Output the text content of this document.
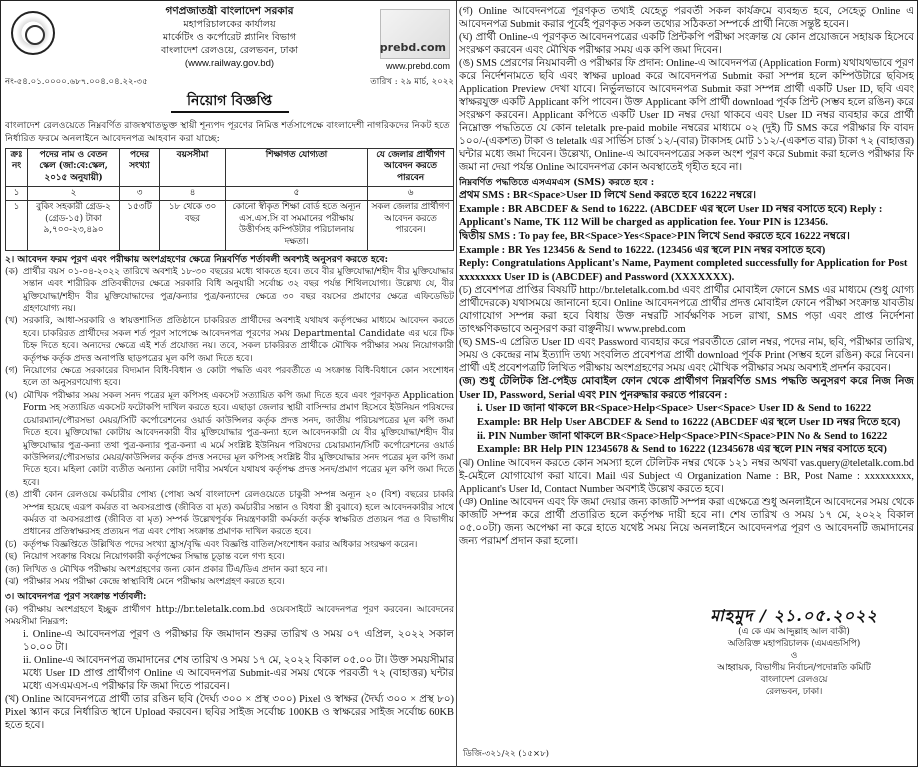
গণপ্রজাতন্ত্রী বাংলাদেশ সরকার
মহাপরিচালকের কার্যালয়
মার্কেটিং ও কর্পোরেট প্ল্যানিং বিভাগ
বাংলাদেশ রেলওয়ে, রেলভবন, ঢাকা
(www.railway.gov.bd)
prebd.com
www.prebd.com
নং-৫৪.০১.০০০০.৬৮৭.০০৪.০৪.২২-৩৫	তারিখ : ২৯ মার্চ, ২০২২
নিয়োগ বিজ্ঞপ্তি
বাংলাদেশ রেলওয়েতে নিম্নবর্ণিত রাজস্বখাতভুক্ত স্থায়ী শূন্যপদ পূরণের নিমিত্ত শর্তসাপেক্ষে বাংলাদেশী নাগরিকদের নিকট হতে নির্ধারিত ফরমে অনলাইনে আবেদনপত্র আহবান করা যাচ্ছে:
ক্রঃ নং	পদের নাম ও বেতন স্কেল (জা:বে:স্কেল, ২০১৫ অনুযায়ী)	পদের সংখ্যা	বয়সসীমা	শিক্ষাগত যোগ্যতা	যে জেলার প্রার্থীগণ আবেদন করতে পারবেন
১	২	৩	৪	৫	৬
১	বুকিং সহকারী গ্রেড-২ (গ্রেড-১৫) টাকা ৯,৭০০-২৩,৪৯০	১৫৩টি	১৮ থেকে ৩০ বছর	কোনো স্বীকৃত শিক্ষা বোর্ড হতে অন্যূন এস.এস.সি বা সমমানের পরীক্ষায় উত্তীর্ণসহ কম্পিউটার পরিচালনায় দক্ষতা।	সকল জেলার প্রার্থীগণ আবেদন করতে পারবেন।
২। আবেদন ফরম পূরণ এবং পরীক্ষায় অংশগ্রহণের ক্ষেত্রে নিম্নবর্ণিত শর্তাবলী অবশ্যই অনুসরণ করতে হবে:
(ক) প্রার্থীর বয়স ০১-০৪-২০২২ তারিখে অবশ্যই ১৮-৩০ বছরের মধ্যে থাকতে হবে। তবে বীর মুক্তিযোদ্ধা/শহীদ বীর মুক্তিযোদ্ধার সন্তান এবং শারীরিক প্রতিবন্ধীদের ক্ষেত্রে সরকারি বিধি অনুযায়ী সর্বোচ্চ ৩২ বছর পর্যন্ত শিথিলযোগ্য। উল্লেখ্য যে, বীর মুক্তিযোদ্ধা/শহীদ বীর মুক্তিযোদ্ধাদের পুত্র/কন্যার পুত্র/কন্যাদের ক্ষেত্রে ৩০ বছর বয়সের প্রমাণের ক্ষেত্রে এফিডেভিট গ্রহণযোগ্য নয়।
(খ) সরকারি, আধা-সরকারি ও স্বায়ত্তশাসিত প্রতিষ্ঠানে চাকরিরত প্রার্থীদের অবশ্যই যথাযথ কর্তৃপক্ষের মাধ্যমে আবেদন করতে হবে। চাকরিরত প্রার্থীদের সকল শর্ত পূরণ সাপেক্ষে আবেদনপত্র পূরণের সময় Departmental Candidate এর ঘরে টিক চিহ্ন দিতে হবে। অন্যদের ক্ষেত্রে এই শর্ত প্রযোজ্য নয়। তবে, সকল চাকরিরত প্রার্থীকে মৌখিক পরীক্ষার সময় নিয়োগকারী কর্তৃপক্ষ কর্তৃক প্রদত্ত অনাপত্তি ছাড়পত্রের মূল কপি জমা দিতে হবে।
(গ) নিয়োগের ক্ষেত্রে সরকারের বিদ্যমান বিধি-বিধান ও কোটা পদ্ধতি এবং পরবর্তীতে এ সংক্রান্ত বিধি-বিধানে কোন সংশোধন হলে তা অনুসরণযোগ্য হবে।
(ঘ) মৌখিক পরীক্ষার সময় সকল সনদ পত্রের মূল কপিসহ একসেট সত্যায়িত কপি জমা দিতে হবে এবং পূরণকৃত Application Form সহ সত্যায়িত একসেট ফটোকপি দাখিল করতে হবে। এছাড়া জেলার স্থায়ী বাসিন্দার প্রমাণ হিসেবে ইউনিয়ন পরিষদের চেয়ারম্যান/পৌরসভা মেয়র/সিটি কর্পোরেশনের ওয়ার্ড কাউন্সিলর কর্তৃক প্রদত্ত সনদ, জাতীয় পরিচয়পত্রের মূল কপি জমা দিতে হবে। মুক্তিযোদ্ধা কোটায় আবেদনকারী বীর মুক্তিযোদ্ধার পুত্র-কন্যা হলে আবেদনকারী যে বীর মুক্তিযোদ্ধা/শহীদ বীর মুক্তিযোদ্ধার পুত্র-কন্যা তথা পুত্র-কন্যার পুত্র-কন্যা এ মর্মে সংশ্লিষ্ট ইউনিয়ন পরিষদের চেয়ারম্যান/সিটি কর্পোরেশনের ওয়ার্ড কাউন্সিলর/পৌরসভার মেয়র/কাউন্সিলর কর্তৃক প্রদত্ত সনদের মূল কপিসহ সংশ্লিষ্ট বীর মুক্তিযোদ্ধার সনদ পত্রের মূল কপি জমা দিতে হবে। মহিলা কোটা ব্যতীত অন্যান্য কোটা দাবীর সমর্থনে যথাযথ কর্তৃপক্ষ প্রদত্ত সনদ/প্রমাণ পত্রের মূল কপি জমা দিতে হবে।
(ঙ) প্রার্থী কোন রেলওয়ে কর্মচারীর পোষ্য (পোষ্য অর্থ বাংলাদেশ রেলওয়েতে চাকুরী সম্পন্ন অন্যূন ২০ (বিশ) বছরের চাকরি সম্পন্ন হয়েছে এরূপ কর্মরত বা অবসরপ্রাপ্ত (জীবিত বা মৃত) কর্মচারীর সন্তান ও বিধবা স্ত্রী বুঝাবে) হলে আবেদনকারীর সাথে কর্মরত বা অবসরপ্রাপ্ত (জীবিত বা মৃত) সম্পর্ক উল্লেখপূর্বক নিয়ন্ত্রণকারী কর্মকর্তা কর্তৃক স্বাক্ষরিত প্রত্যয়ন পত্র ও বিভাগীয় প্রধানের প্রতিস্বাক্ষরসহ প্রত্যয়ন পত্র এবং পোষ্য সংক্রান্ত প্রমাণক দাখিল করতে হবে।
(চ) কর্তৃপক্ষ বিজ্ঞপ্তিতে উল্লিখিত পদের সংখ্যা হ্রাস/বৃদ্ধি এবং বিজ্ঞপ্তি বাতিল/সংশোধন করার অধিকার সংরক্ষণ করেন।
(ছ) নিয়োগ সংক্রান্ত বিষয়ে নিয়োগকারী কর্তৃপক্ষের সিদ্ধান্ত চূড়ান্ত বলে গণ্য হবে।
(জ) লিখিত ও মৌখিক পরীক্ষায় অংশগ্রহণের জন্য কোন প্রকার টিএ/ডিএ প্রদান করা হবে না।
(ঝ) পরীক্ষার সময় পরীক্ষা কেন্দ্রে স্বাস্থ্যবিধি মেনে পরীক্ষায় অংশগ্রহণ করতে হবে।
৩। আবেদনপত্র পূরণ সংক্রান্ত শর্তাবলী:
(ক) পরীক্ষায় অংশগ্রহণে ইচ্ছুক প্রার্থীগণ http://br.teletalk.com.bd ওয়েবসাইটে আবেদনপত্র পূরণ করবেন। আবেদনের সময়সীমা নিম্নরূপ:
i. Online-এ আবেদনপত্র পূরণ ও পরীক্ষার ফি জমাদান শুরুর তারিখ ও সময় ০৭ এপ্রিল, ২০২২ সকাল ১০.০০ টা।
ii. Online-এ আবেদনপত্র জমাদানের শেষ তারিখ ও সময় ১৭ মে, ২০২২ বিকাল ০৫.০০ টা। উক্ত সময়সীমার মধ্যে User ID প্রাপ্ত প্রার্থীগণ Online এ আবেদনপত্র Submit-এর সময় থেকে পরবর্তী ৭২ (বাহাত্তর) ঘন্টার মধ্যে এসএমএস-এ পরীক্ষার ফি জমা দিতে পারবেন।
(খ) Online আবেদনপত্রে প্রার্থী তার রঙিন ছবি (দৈর্ঘ্য ৩০০ × প্রস্থ ৩০০) Pixel ও স্বাক্ষর (দৈর্ঘ্য ৩০০ × প্রস্থ ৮০) Pixel স্ক্যান করে নির্ধারিত স্থানে Upload করবেন। ছবির সাইজ সর্বোচ্চ 100KB ও স্বাক্ষরের সাইজ সর্বোচ্চ 60KB হতে হবে।
(গ) Online আবেদনপত্রে পূরণকৃত তথ্যই যেহেতু পরবর্তী সকল কার্যক্রমে ব্যবহৃত হবে, সেহেতু Online এ আবেদনপত্র Submit করার পূর্বেই পূরণকৃত সকল তথ্যের সঠিকতা সম্পর্কে প্রার্থী নিজে সন্তুষ্ট হবেন।
(ঘ) প্রার্থী Online-এ পূরণকৃত আবেদনপত্রের একটি প্রিন্টকপি পরীক্ষা সংক্রান্ত যে কোন প্রয়োজনে সহায়ক হিসেবে সংরক্ষণ করবেন এবং মৌখিক পরীক্ষার সময় এক কপি জমা দিবেন।
(ঙ) SMS প্রেরণের নিয়মাবলী ও পরীক্ষার ফি প্রদান: Online-এ আবেদনপত্র (Application Form) যথাযথভাবে পূরণ করে নির্দেশনামতে ছবি এবং স্বাক্ষর upload করে আবেদনপত্র Submit করা সম্পন্ন হলে কম্পিউটারে ছবিসহ Application Preview দেখা যাবে। নির্ভুলভাবে আবেদনপত্র Submit করা সম্পন্ন প্রার্থী একটি User ID, ছবি এবং স্বাক্ষরযুক্ত একটি Applicant কপি পাবেন। উক্ত Applicant কপি প্রার্থী download পূর্বক প্রিন্ট (সম্ভব হলে রঙিন) করে সংরক্ষণ করবেন। Applicant কপিতে একটি User ID নম্বর দেয়া থাকবে এবং User ID নম্বর ব্যবহার করে প্রার্থী নিম্নোক্ত পদ্ধতিতে যে কোন teletalk pre-paid mobile নম্বরের মাধ্যমে ০২ (দুই) টি SMS করে পরীক্ষার ফি বাবদ ১০০/-(একশত) টাকা ও teletalk এর সার্ভিস চার্জ ১২/-(বার) টাকাসহ মোট ১১২/-(একশত বার) টাকা ৭২ (বাহাত্তর) ঘন্টার মধ্যে জমা দিবেন। উল্লেখ্য, Online-এ আবেদনপত্রের সকল অংশ পূরণ করে Submit করা হলেও পরীক্ষার ফি জমা না দেয়া পর্যন্ত Online আবেদনপত্র কোন অবস্থাতেই গৃহীত হবে না।
নিম্নবর্ণিত পদ্ধতিতে এসএমএস (SMS) করতে হবে :
প্রথম SMS : BR<Space>User ID লিখে Send করতে হবে 16222 নম্বরে।
Example : BR ABCDEF & Send to 16222. (ABCDEF এর স্থলে User ID নম্বর বসাতে হবে) Reply : Applicant's Name, TK 112 Will be charged as application fee. Your PIN is 123456.
দ্বিতীয় SMS : To pay fee, BR<Space>Yes<Space>PIN লিখে Send করতে হবে 16222 নম্বরে।
Example : BR Yes 123456 & Send to 16222. (123456 এর স্থলে PIN নম্বর বসাতে হবে)
Reply: Congratulations Applicant's Name, Payment completed successfully for Application for Post xxxxxxxx User ID is (ABCDEF) and Password (XXXXXXX).
(চ) প্রবেশপত্র প্রাপ্তির বিষয়টি http://br.teletalk.com.bd এবং প্রার্থীর মোবাইল ফোনে SMS এর মাধ্যমে (শুধু যোগ্য প্রার্থীদেরকে) যথাসময়ে জানানো হবে। Online আবেদনপত্রে প্রার্থীর প্রদত্ত মোবাইল ফোনে পরীক্ষা সংক্রান্ত যাবতীয় যোগাযোগ সম্পন্ন করা হবে বিধায় উক্ত নম্বরটি সার্বক্ষণিক সচল রাখা, SMS পড়া এবং প্রাপ্ত নির্দেশনা তাৎক্ষণিকভাবে অনুসরণ করা বাঞ্ছনীয়। www.prebd.com
(ছ) SMS-এ প্রেরিত User ID এবং Password ব্যবহার করে পরবর্তীতে রোল নম্বর, পদের নাম, ছবি, পরীক্ষার তারিখ, সময় ও কেন্দ্রের নাম ইত্যাদি তথ্য সংবলিত প্রবেশপত্র প্রার্থী download পূর্বক Print (সম্ভব হলে রঙিন) করে নিবেন। প্রার্থী এই প্রবেশপত্রটি লিখিত পরীক্ষায় অংশগ্রহণের সময় এবং মৌখিক পরীক্ষার সময় অবশ্যই প্রদর্শন করবেন।
(জ) শুধু টেলিটক প্রি-পেইড মোবাইল ফোন থেকে প্রার্থীগণ নিম্নবর্ণিত SMS পদ্ধতি অনুসরণ করে নিজ নিজ User ID, Password, Serial এবং PIN পুনরুদ্ধার করতে পারবেন :
i. User ID জানা থাকলে BR<Space>Help<Space> User<Space> User ID & Send to 16222 Example: BR Help User ABCDEF & Send to 16222 (ABCDEF এর স্থলে User ID নম্বর দিতে হবে)
ii. PIN Number জানা থাকলে BR<Space>Help<Space>PIN<Space>PIN No & Send to 16222
Example: BR Help PIN 12345678 & Send to 16222 (12345678 এর স্থলে PIN নম্বর বসাতে হবে)
(ঝ) Online আবেদন করতে কোন সমস্যা হলে টেলিটক নম্বর থেকে ১২১ নম্বর অথবা vas.query@teletalk.com.bd ই-মেইলে যোগাযোগ করা যাবে। Mail এর Subject এ Organization Name : BR, Post Name : xxxxxxxxx, Applicant's User Id, Contact Number অবশ্যই উল্লেখ করতে হবে।
(ঞ) Online আবেদন এবং ফি জমা দেয়ার জন্য কাজটি সম্পন্ন করা এক্ষেত্রে শুধু অনলাইনে আবেদনের সময় থেকে কাজটি সম্পন্ন করে প্রার্থী প্রতারিত হলে কর্তৃপক্ষ দায়ী হবে না। শেষ তারিখ ও সময় ১৭ মে, ২০২২ বিকাল ০৫.০০টা) জন্য অপেক্ষা না করে হাতে যথেষ্ট সময় নিয়ে অনলাইনে আবেদনপত্র পূরণ ও আবেদনটি জমাদানের জন্য পরামর্শ প্রদান করা হলো।
মাহমুদ / ২১.০৫.২০২২
(এ কে এম আব্দুল্লাহ আল বাকী)
অতিরিক্ত মহাপরিচালক (এমএন্ডসিপি)
ও
আহ্বায়ক, বিভাগীয় নির্বাচন/পদোন্নতি কমিটি
বাংলাদেশ রেলওয়ে
রেলভবন, ঢাকা।
ডিজি-৩২১/২২ (১৫×৮)
